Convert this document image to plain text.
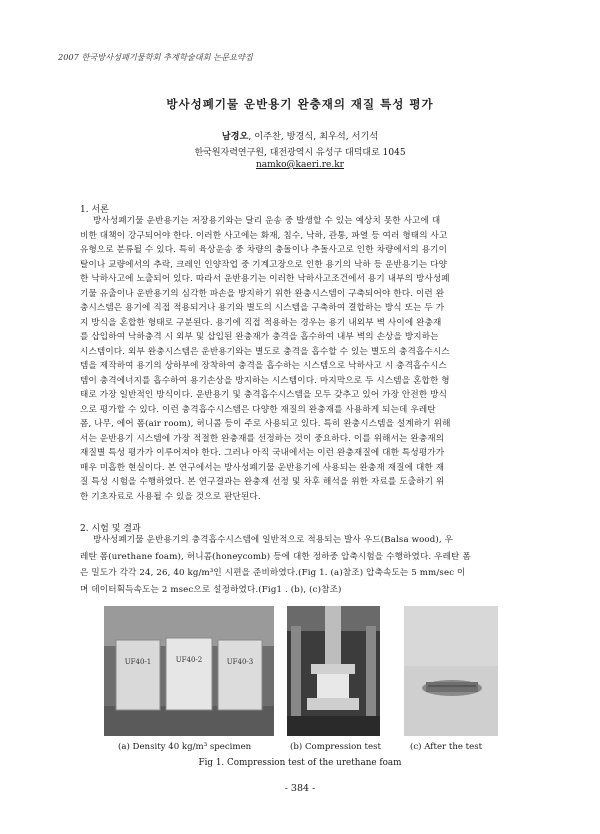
2007 한국방사성폐기물학회 추계학술대회 논문요약집
방사성폐기물 운반용기 완충재의 재질 특성 평가
남경오, 이주찬, 방경식, 최우석, 서기석
한국원자력연구원, 대전광역시 유성구 대덕대로 1045
namko@kaeri.re.kr
1. 서론
방사성폐기물 운반용기는 저장용기와는 달리 운송 중 발생할 수 있는 예상치 못한 사고에 대
비한 대책이 강구되어야 한다. 이러한 사고에는 화재, 침수, 낙하, 관통, 파열 등 여러 형태의 사고
유형으로 분류될 수 있다. 특히 육상운송 중 차량의 충돌이나 추돌사고로 인한 차량에서의 용기이
탈이나 교량에서의 추락, 크레인 인양작업 중 기계고장으로 인한 용기의 낙하 등 운반용기는 다양
한 낙하사고에 노출되어 있다. 따라서 운반용기는 이러한 낙하사고조건에서 용기 내부의 방사성폐
기물 유출이나 운반용기의 심각한 파손을 방지하기 위한 완충시스템이 구축되어야 한다. 이런 완
충시스템은 용기에 직접 적용되거나 용기와 별도의 시스템을 구축하여 결합하는 방식 또는 두 가
지 방식을 혼합한 형태로 구분된다. 용기에 직접 적용하는 경우는 용기 내외부 벽 사이에 완충재
를 삽입하여 낙하충격 시 외부 및 삽입된 완충재가 충격을 흡수하여 내부 벽의 손상을 방지하는
시스템이다. 외부 완충시스템은 운반용기와는 별도로 충격을 흡수할 수 있는 별도의 충격흡수시스
템을 제작하여 용기의 상하부에 장착하여 충격을 흡수하는 시스템으로 낙하사고 시 충격흡수시스
템이 충격에너지를 흡수하여 용기손상을 방지하는 시스템이다. 마지막으로 두 시스템을 혼합한 형
태로 가장 일반적인 방식이다. 운반용기 및 충격흡수시스템을 모두 갖추고 있어 가장 안전한 방식
으로 평가할 수 있다. 이런 충격흡수시스템은 다양한 재질의 완충재를 사용하게 되는데 우레탄
폼, 나무, 에어 폼(air room), 허니콤 등이 주로 사용되고 있다. 특히 완충시스템을 설계하기 위해
서는 운반용기 시스템에 가장 적절한 완충재를 선정하는 것이 중요하다. 이를 위해서는 완충재의
재질별 특성 평가가 이루어져야 한다. 그러나 아직 국내에서는 이런 완충재질에 대한 특성평가가
매우 미흡한 현실이다. 본 연구에서는 방사성폐기물 운반용기에 사용되는 완충재 재질에 대한 재
질 특성 시험을 수행하였다. 본 연구결과는 완충재 선정 및 차후 해석을 위한 자료를 도출하기 위
한 기초자료로 사용될 수 있을 것으로 판단된다.
2. 시험 및 결과
방사성폐기물 운반용기의 충격흡수시스템에 일반적으로 적용되는 발사 우드(Balsa wood), 우
레탄 폼(urethane foam), 허니콤(honeycomb) 등에 대한 정하중 압축시험을 수행하였다. 우레탄 폼
은 밀도가 각각 24, 26, 40 kg/m³인 시편을 준비하였다.(Fig 1. (a)참조) 압축속도는 5 mm/sec 이
며 데이터획득속도는 2 msec으로 설정하였다.(Fig1 . (b), (c)참조)
UF40-1	UF40-2	UF40-3
(a) Density 40 kg/m³ specimen	(b) Compression test	(c) After the test
Fig 1. Compression test of the urethane foam
- 384 -
